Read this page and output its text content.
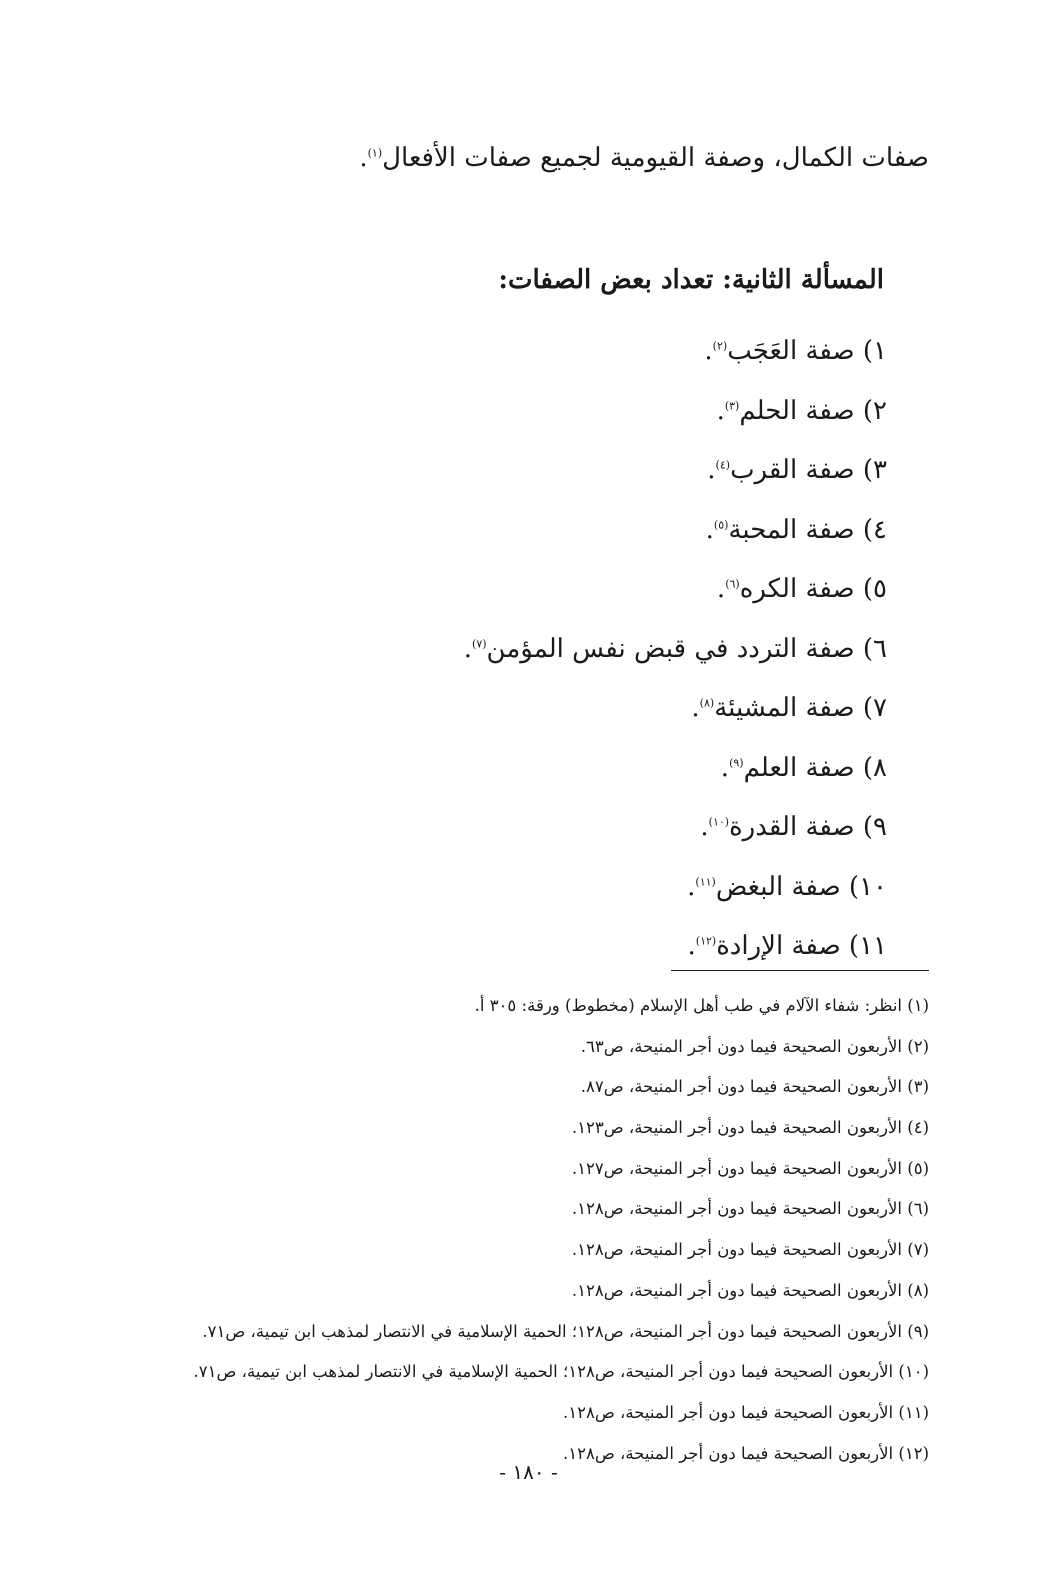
صفات الكمال، وصفة القيومية لجميع صفات الأفعال$^{(١)}$.
المسألة الثانية: تعداد بعض الصفات:
١) صفة العَجَب$^{(٢)}$.
٢) صفة الحلم$^{(٣)}$.
٣) صفة القرب$^{(٤)}$.
٤) صفة المحبة$^{(٥)}$.
٥) صفة الكره$^{(٦)}$.
٦) صفة التردد في قبض نفس المؤمن$^{(٧)}$.
٧) صفة المشيئة$^{(٨)}$.
٨) صفة العلم$^{(٩)}$.
٩) صفة القدرة$^{(١٠)}$.
١٠) صفة البغض$^{(١١)}$.
١١) صفة الإرادة$^{(١٢)}$.
(١) انظر: شفاء الآلام في طب أهل الإسلام (مخطوط) ورقة: ٣٠٥ أ.
(٢) الأربعون الصحيحة فيما دون أجر المنيحة، ص٦٣.
(٣) الأربعون الصحيحة فيما دون أجر المنيحة، ص٨٧.
(٤) الأربعون الصحيحة فيما دون أجر المنيحة، ص١٢٣.
(٥) الأربعون الصحيحة فيما دون أجر المنيحة، ص١٢٧.
(٦) الأربعون الصحيحة فيما دون أجر المنيحة، ص١٢٨.
(٧) الأربعون الصحيحة فيما دون أجر المنيحة، ص١٢٨.
(٨) الأربعون الصحيحة فيما دون أجر المنيحة، ص١٢٨.
(٩) الأربعون الصحيحة فيما دون أجر المنيحة، ص١٢٨؛ الحمية الإسلامية في الانتصار لمذهب ابن تيمية، ص٧١.
(١٠) الأربعون الصحيحة فيما دون أجر المنيحة، ص١٢٨؛ الحمية الإسلامية في الانتصار لمذهب ابن تيمية، ص٧١.
(١١) الأربعون الصحيحة فيما دون أجر المنيحة، ص١٢٨.
(١٢) الأربعون الصحيحة فيما دون أجر المنيحة، ص١٢٨.
- ١٨٠ -
